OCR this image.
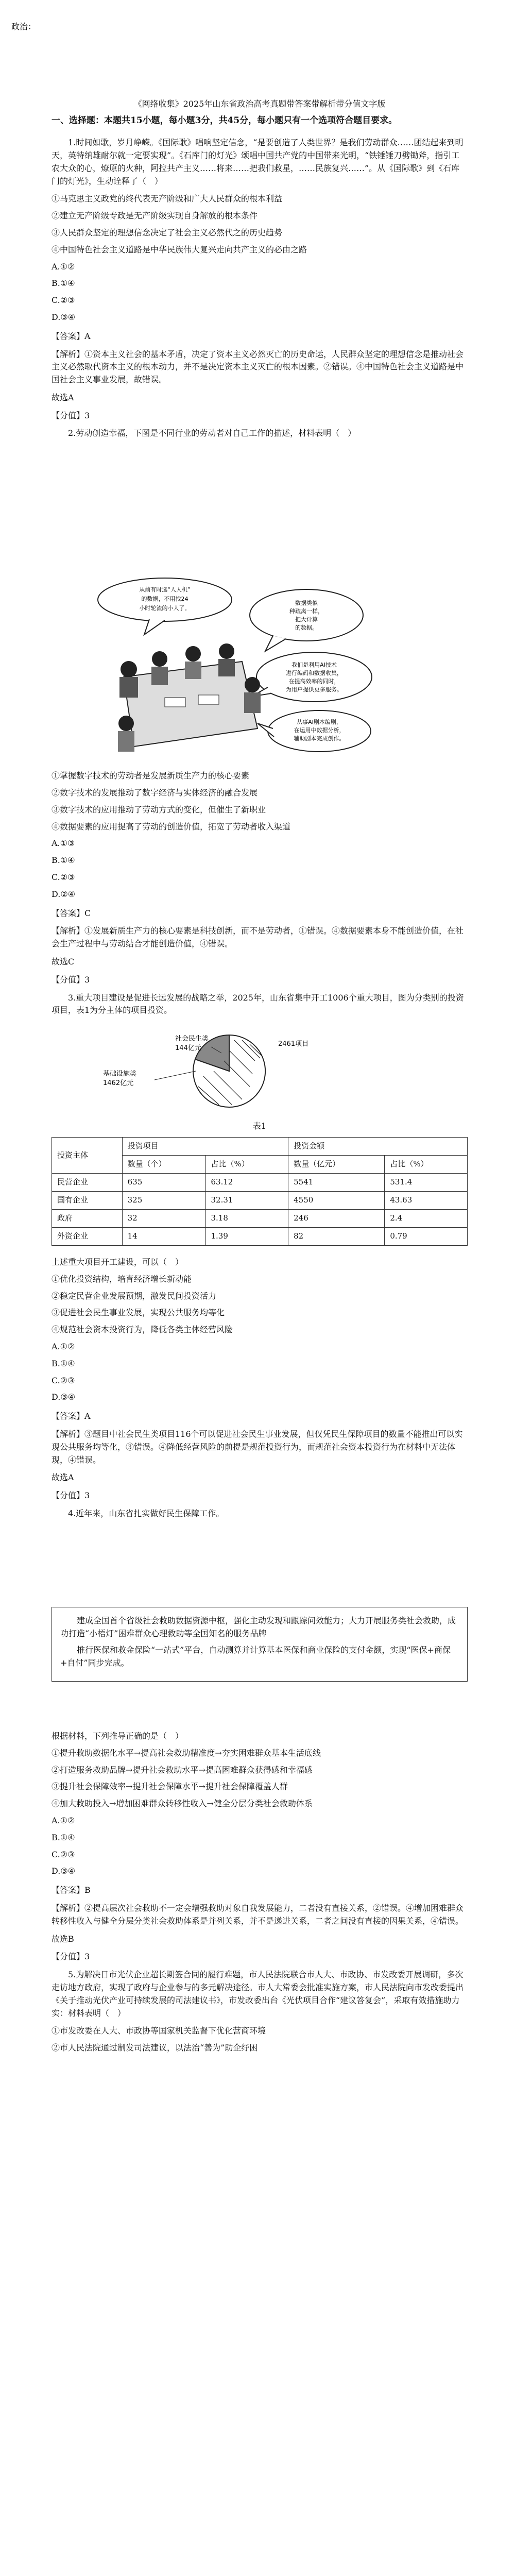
政治：
《网络收集》2025年山东省政治高考真题带答案带解析带分值文字版
一、选择题：本题共15小题，每小题3分，共45分，每小题只有一个选项符合题目要求。

1.时间如歌，岁月峥嵘。《国际歌》唱响坚定信念，“是要创造了人类世界？是我们劳动群众……团结起来到明天，英特纳雄耐尔就一定要实现”。《石库门的灯光》颂唱中国共产党的中国带来光明，“铁锤锤刀劈锄斧，指引工农大众的心，燎原的火种，阿拉共产主义……将来……把我们救星，……民族复兴……”。从《国际歌》到《石库门的灯光》，生动诠释了（　）

①马克思主义政党的终代表无产阶级和广大人民群众的根本利益

②建立无产阶级专政是无产阶级实现自身解放的根本条件

③人民群众坚定的理想信念决定了社会主义必然代之的历史趋势

④中国特色社会主义道路是中华民族伟大复兴走向共产主义的必由之路

A.①②

B.①④

C.②③

D.③④

【答案】A

【解析】①资本主义社会的基本矛盾，决定了资本主义必然灭亡的历史命运，人民群众坚定的理想信念是推动社会主义必然取代资本主义的根本动力，并不是决定资本主义灭亡的根本因素。②错误。④中国特色社会主义道路是中国社会主义事业发展，故错误。

故选A

【分值】3

2.劳动创造幸福，下图是不同行业的劳动者对自己工作的描述，材料表明（　）

从前有时选“人人机”
的数据，不用找24
小时轮流的小人了。
数据类似
种疏离一样，
把大计算
的数据。
我们是利用AI技术
进行编码和数据收集，
在提高效率的同时，
为用户提供更多服务。
从事AI剧本编剧，
在运用中数据分析，
辅助剧本完成创作。

①掌握数字技术的劳动者是发展新质生产力的核心要素

②数字技术的发展推动了数字经济与实体经济的融合发展

③数字技术的应用推动了劳动方式的变化，但催生了新职业

④数据要素的应用提高了劳动的创造价值，拓宽了劳动者收入渠道

A.①③

B.①④

C.②③

D.②④

【答案】C

【解析】①发展新质生产力的核心要素是科技创新，而不是劳动者，①错误。④数据要素本身不能创造价值，在社会生产过程中与劳动结合才能创造价值，④错误。

故选C

【分值】3

3.重大项目建设是促进长远发展的战略之举，2025年，山东省集中开工1006个重大项目，图为分类别的投资项目，表1为分主体的项目投资。

社会民生类
144亿元
基础设施类
1462亿元
2461项目

表1

投资主体	投资项目		投资金额	
	数量（个）	占比（%）	数量（亿元）	占比（%）
民营企业	635	63.12	5541	531.4
国有企业	325	32.31	4550	43.63
政府	32	3.18	246	2.4
外资企业	14	1.39	82	0.79

上述重大项目开工建设，可以（　）

①优化投资结构，培育经济增长新动能

②稳定民营企业发展预期，激发民间投资活力

③促进社会民生事业发展，实现公共服务均等化

④规范社会资本投资行为，降低各类主体经营风险

A.①②

B.①④

C.②③

D.③④

【答案】A

【解析】③题目中社会民生类项目116个可以促进社会民生事业发展，但仅凭民生保障项目的数量不能推出可以实现公共服务均等化，③错误。④降低经营风险的前提是规范投资行为，而规范社会资本投资行为在材料中无法体现，④错误。

故选A

【分值】3

4.近年来，山东省扎实做好民生保障工作。

建成全国首个省级社会救助数据资源中枢，强化主动发现和跟踪问效能力；大力开展服务类社会救助，成功打造“小梧灯”困难群众心理救助等全国知名的服务品牌

推行医保和救金保险“一站式”平台，自动测算并计算基本医保和商业保险的支付金额，实现“医保+商保+自付”同步完成。

根据材料，下列推导正确的是（　）

①提升救助数据化水平→提高社会救助精准度→夯实困难群众基本生活底线

②打造服务救助品牌→提升社会救助水平→提高困难群众获得感和幸福感

③提升社会保障效率→提升社会保障水平→提升社会保障覆盖人群

④加大救助投入→增加困难群众转移性收入→健全分层分类社会救助体系

A.①②

B.①④

C.②③

D.③④

【答案】B

【解析】②提高层次社会救助不一定会增强救助对象自我发展能力，二者没有直接关系，②错误。④增加困难群众转移性收入与健全分层分类社会救助体系是并列关系，并不是递进关系，二者之间没有直接的因果关系，④错误。

故选B

【分值】3

5.为解决日市光伏企业超长期签合同的履行难题，市人民法院联合市人大、市政协、市发改委开展调研，多次走访地方政府，实现了政府与企业参与的多元解决途径。市人大常委会批准实施方案，市人民法院向市发改委提出《关于推动光伏产业可持续发展的司法建议书》，市发改委出台《光伏项目合作“建议答复会”，采取有效措施助力实：材料表明（　）

①市发改委在人大、市政协等国家机关监督下优化营商环境

②市人民法院通过制发司法建议，以法治“善为”助企纾困
